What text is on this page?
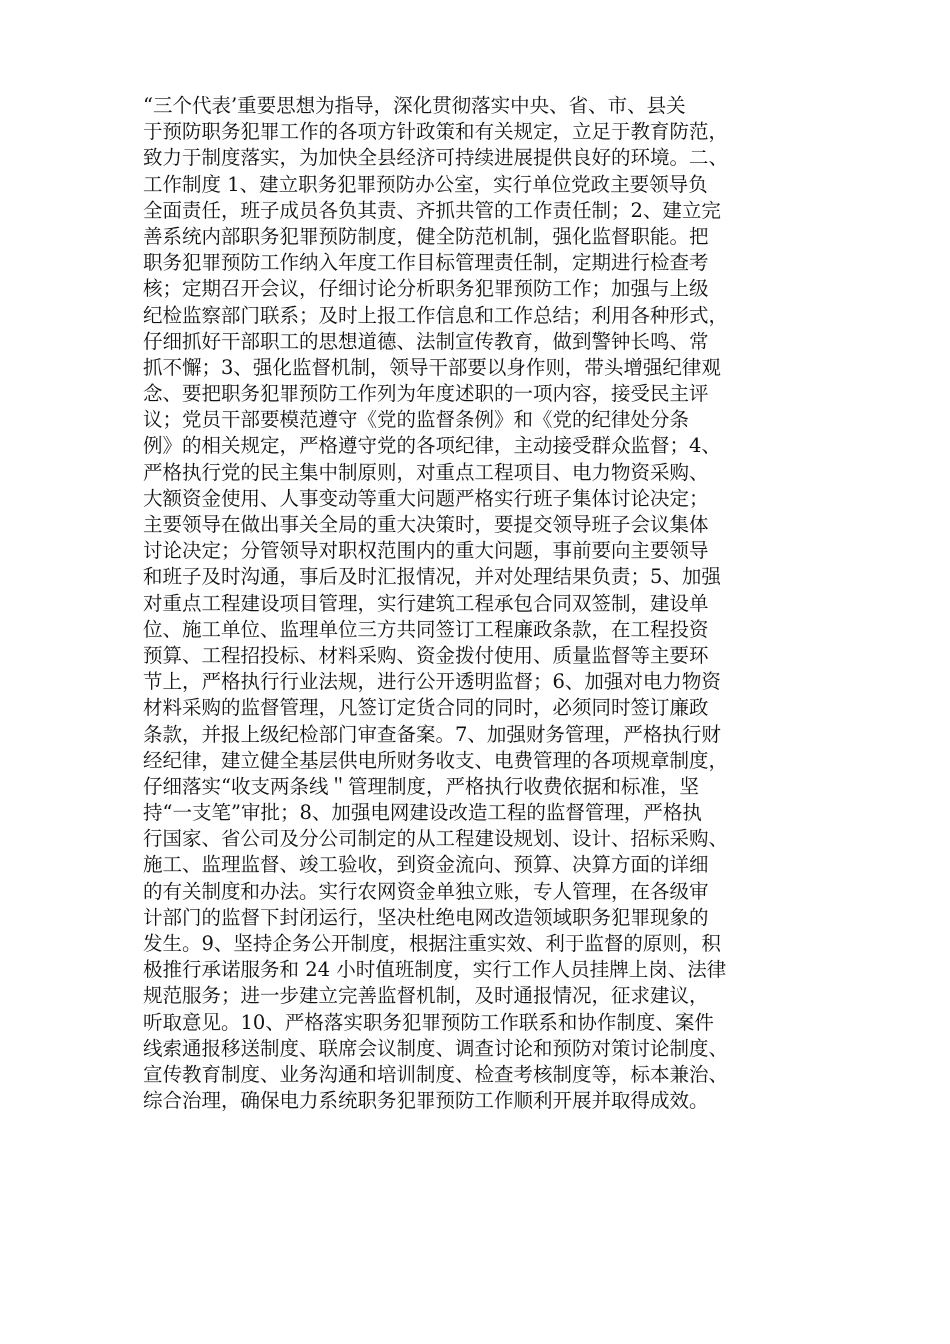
“三个代表’重要思想为指导，深化贯彻落实中央、省、市、县关
于预防职务犯罪工作的各项方针政策和有关规定，立足于教育防范，
致力于制度落实，为加快全县经济可持续进展提供良好的环境。二、
工作制度 1、建立职务犯罪预防办公室，实行单位党政主要领导负
全面责任，班子成员各负其责、齐抓共管的工作责任制；2、建立完
善系统内部职务犯罪预防制度，健全防范机制，强化监督职能。把
职务犯罪预防工作纳入年度工作目标管理责任制，定期进行检查考
核；定期召开会议，仔细讨论分析职务犯罪预防工作；加强与上级
纪检监察部门联系；及时上报工作信息和工作总结；利用各种形式，
仔细抓好干部职工的思想道德、法制宣传教育，做到警钟长鸣、常
抓不懈；3、强化监督机制，领导干部要以身作则，带头增强纪律观
念、要把职务犯罪预防工作列为年度述职的一项内容，接受民主评
议；党员干部要模范遵守《党的监督条例》和《党的纪律处分条
例》的相关规定，严格遵守党的各项纪律，主动接受群众监督；4、
严格执行党的民主集中制原则，对重点工程项目、电力物资采购、
大额资金使用、人事变动等重大问题严格实行班子集体讨论决定；
主要领导在做出事关全局的重大决策时，要提交领导班子会议集体
讨论决定；分管领导对职权范围内的重大问题，事前要向主要领导
和班子及时沟通，事后及时汇报情况，并对处理结果负责；5、加强
对重点工程建设项目管理，实行建筑工程承包合同双签制，建设单
位、施工单位、监理单位三方共同签订工程廉政条款，在工程投资
预算、工程招投标、材料采购、资金拨付使用、质量监督等主要环
节上，严格执行行业法规，进行公开透明监督；6、加强对电力物资
材料采购的监督管理，凡签订定货合同的同时，必须同时签订廉政
条款，并报上级纪检部门审查备案。7、加强财务管理，严格执行财
经纪律，建立健全基层供电所财务收支、电费管理的各项规章制度，
仔细落实“收支两条线＂管理制度，严格执行收费依据和标准，坚
持“一支笔”审批；8、加强电网建设改造工程的监督管理，严格执
行国家、省公司及分公司制定的从工程建设规划、设计、招标采购、
施工、监理监督、竣工验收，到资金流向、预算、决算方面的详细
的有关制度和办法。实行农网资金单独立账，专人管理，在各级审
计部门的监督下封闭运行，坚决杜绝电网改造领域职务犯罪现象的
发生。9、坚持企务公开制度，根据注重实效、利于监督的原则，积
极推行承诺服务和 24 小时值班制度，实行工作人员挂牌上岗、法律
规范服务；进一步建立完善监督机制，及时通报情况，征求建议，
听取意见。10、严格落实职务犯罪预防工作联系和协作制度、案件
线索通报移送制度、联席会议制度、调查讨论和预防对策讨论制度、
宣传教育制度、业务沟通和培训制度、检查考核制度等，标本兼治、
综合治理，确保电力系统职务犯罪预防工作顺利开展并取得成效。
